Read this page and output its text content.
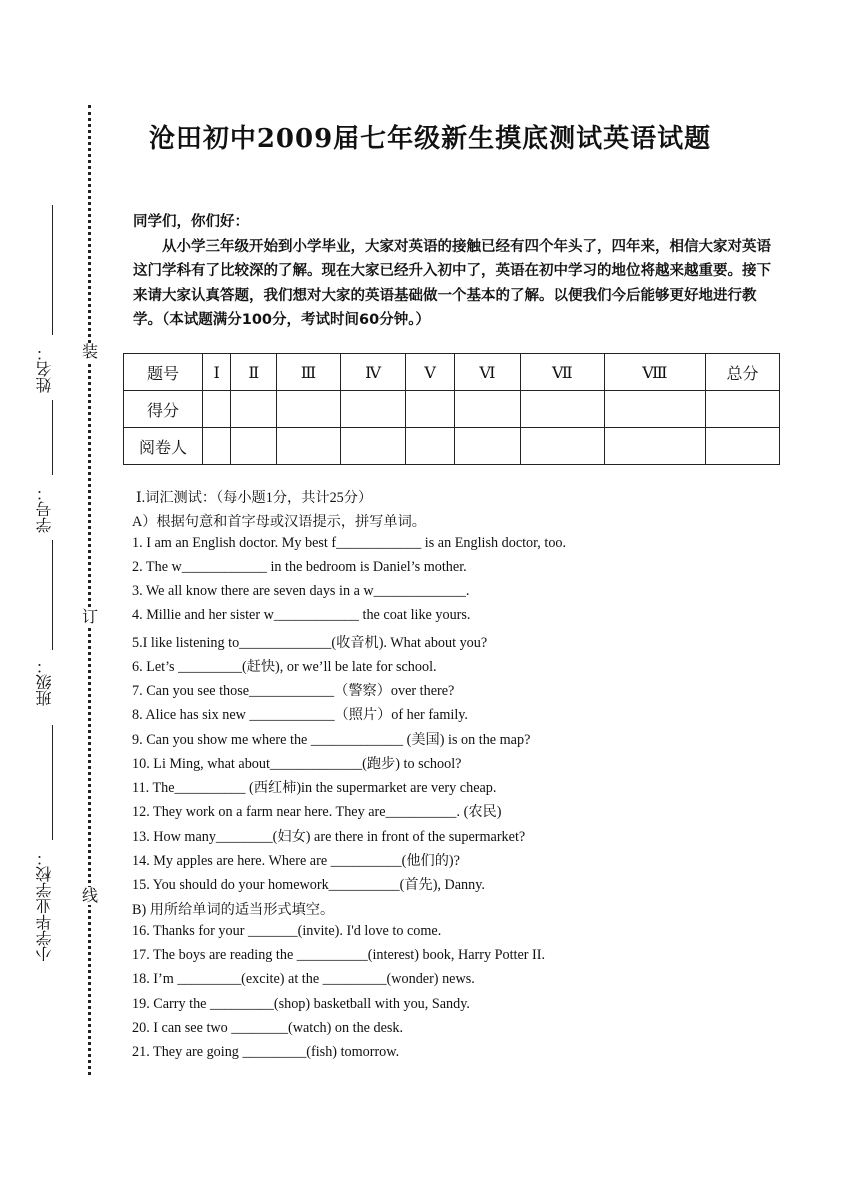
沧田初中2009届七年级新生摸底测试英语试题
姓名：
学号：
班级：
小学毕业学校：
装
订
线

同学们，你们好：

从小学三年级开始到小学毕业，大家对英语的接触已经有四个年头了，四年来，相信大家对英语这门学科有了比较深的了解。现在大家已经升入初中了，英语在初中学习的地位将越来越重要。接下来请大家认真答题，我们想对大家的英语基础做一个基本的了解。以便我们今后能够更好地进行教学。（本试题满分100分，考试时间60分钟。）

题号	Ⅰ	Ⅱ	Ⅲ	Ⅳ	Ⅴ	Ⅵ	Ⅶ	Ⅷ	总分
得分									
阅卷人									
Ⅰ.词汇测试：（每小题1分，共计25分）
A）根据句意和首字母或汉语提示，拼写单词。
1. I am an English doctor. My best f____________ is an English doctor, too.
2. The w____________ in the bedroom is Daniel’s mother.
3. We all know there are seven days in a w_____________.
4. Millie and her sister w____________ the coat like yours.
5.I like listening to_____________(收音机). What about you?
6. Let’s _________(赶快), or we’ll be late for school.
7. Can you see those____________（警察）over there?
8. Alice has six new ____________（照片）of her family.
9. Can you show me where the _____________ (美国) is on the map?
10. Li Ming, what about_____________(跑步) to school?
11. The__________ (西红柿)in the supermarket are very cheap.
12. They work on a farm near here. They are__________. (农民)
13. How many________(妇女) are there in front of the supermarket?
14. My apples are here. Where are __________(他们的)?
15. You should do your homework__________(首先), Danny.
B) 用所给单词的适当形式填空。
16. Thanks for your _______(invite). I'd love to come.
17. The boys are reading the __________(interest) book, Harry Potter II.
18. I’m _________(excite) at the _________(wonder) news.
19. Carry the _________(shop) basketball with you, Sandy.
20. I can see two ________(watch) on the desk.
21. They are going _________(fish) tomorrow.
